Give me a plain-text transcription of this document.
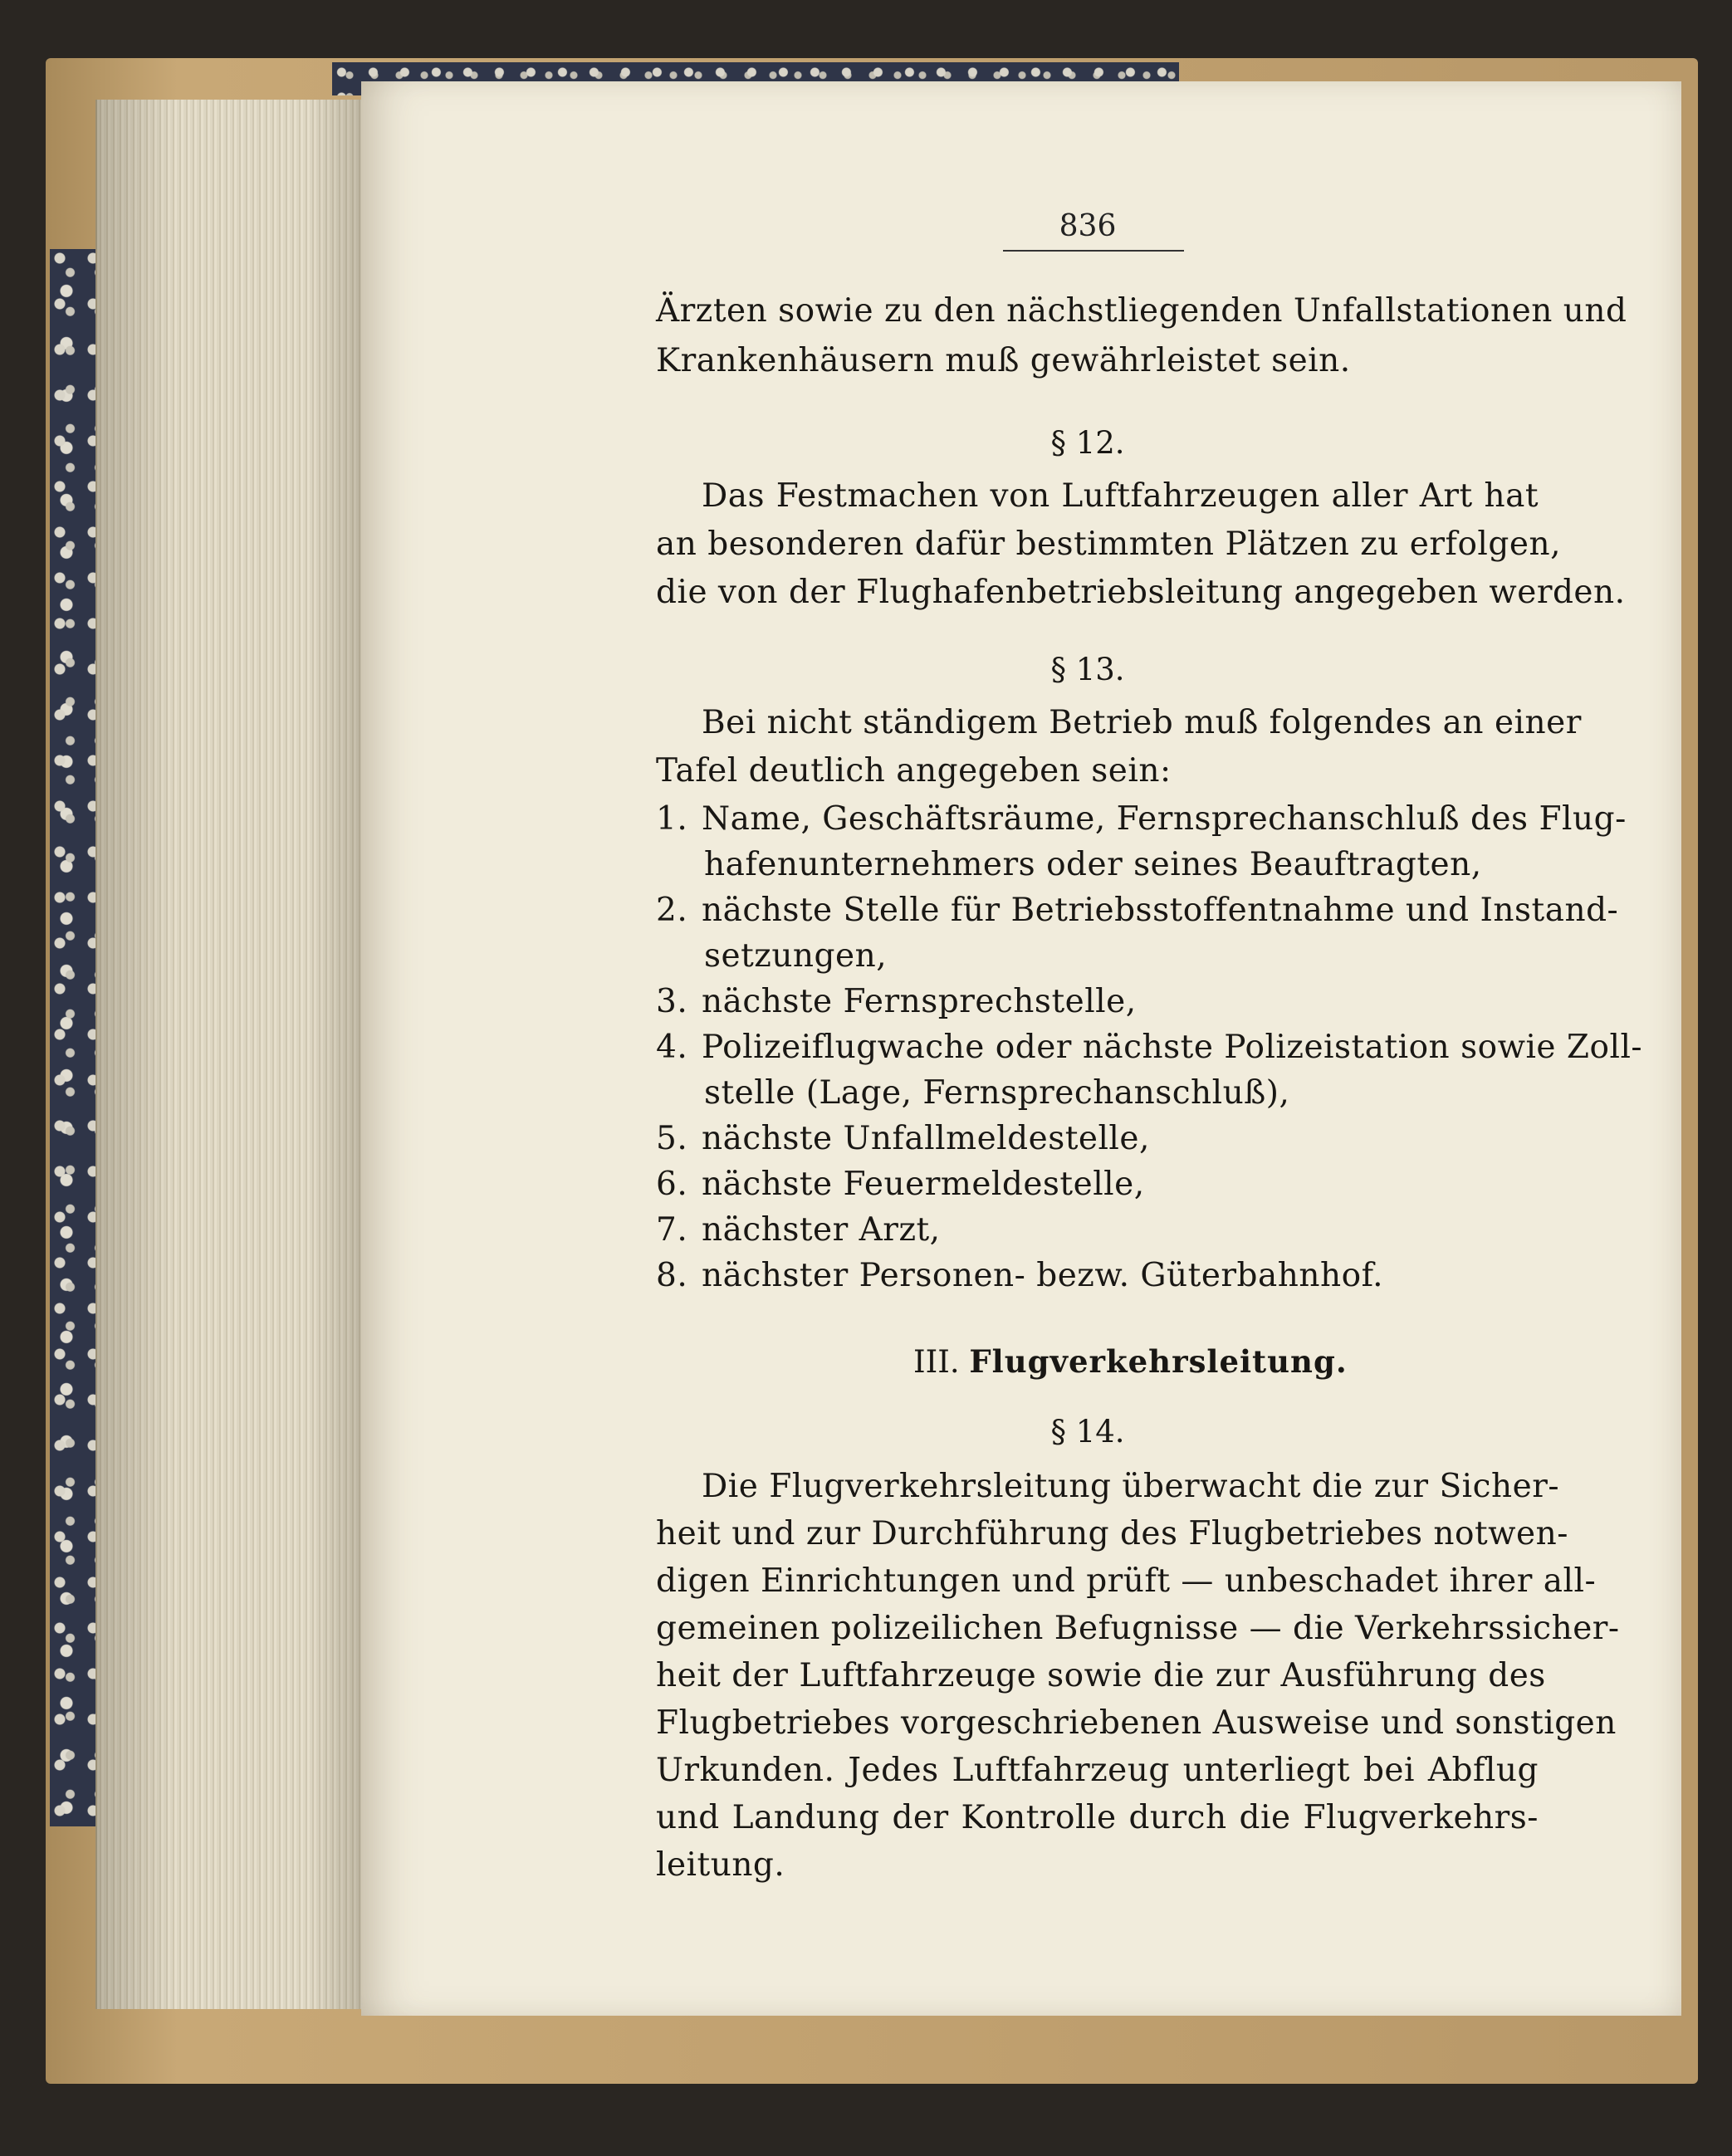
836
Ärzten sowie zu den nächstliegenden Unfallstationen und
Krankenhäusern muß gewährleistet sein.
§ 12.
Das Festmachen von Luftfahrzeugen aller Art hat
an besonderen dafür bestimmten Plätzen zu erfolgen,
die von der Flughafenbetriebsleitung angegeben werden.
§ 13.
Bei nicht ständigem Betrieb muß folgendes an einer
Tafel deutlich angegeben sein:
1. Name, Geschäftsräume, Fernsprechanschluß des Flug-
hafenunternehmers oder seines Beauftragten,
2. nächste Stelle für Betriebsstoffentnahme und Instand-
setzungen,
3. nächste Fernsprechstelle,
4. Polizeiflugwache oder nächste Polizeistation sowie Zoll-
stelle (Lage, Fernsprechanschluß),
5. nächste Unfallmeldestelle,
6. nächste Feuermeldestelle,
7. nächster Arzt,
8. nächster Personen- bezw. Güterbahnhof.
III. Flugverkehrsleitung.
§ 14.
Die Flugverkehrsleitung überwacht die zur Sicher-
heit und zur Durchführung des Flugbetriebes notwen-
digen Einrichtungen und prüft — unbeschadet ihrer all-
gemeinen polizeilichen Befugnisse — die Verkehrssicher-
heit der Luftfahrzeuge sowie die zur Ausführung des
Flugbetriebes vorgeschriebenen Ausweise und sonstigen
Urkunden. Jedes Luftfahrzeug unterliegt bei Abflug
und Landung der Kontrolle durch die Flugverkehrs-
leitung.
